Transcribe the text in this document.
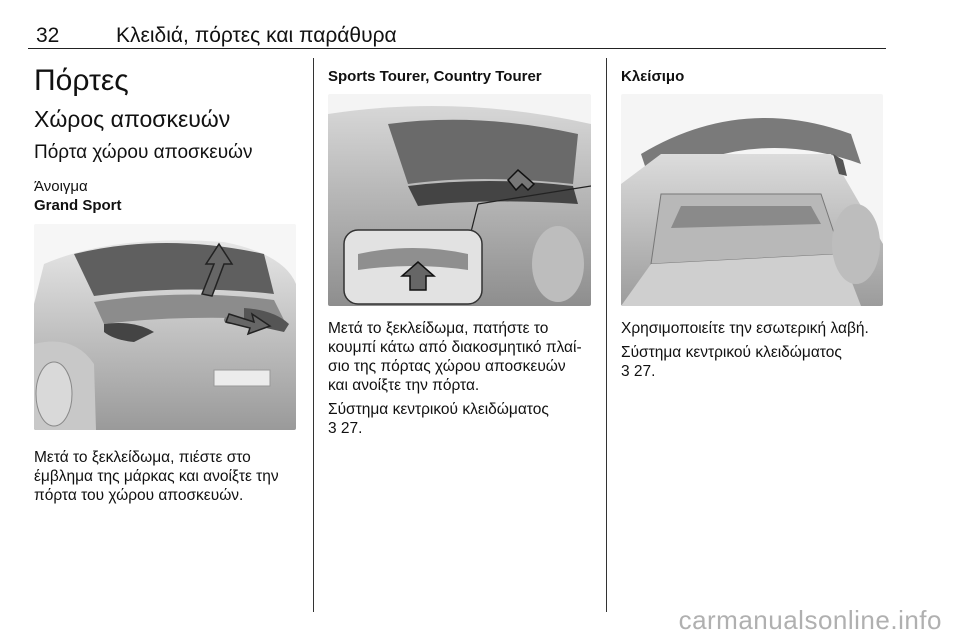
32	Κλειδιά, πόρτες και παράθυρα
Πόρτες
Χώρος αποσκευών
Πόρτα χώρου αποσκευών
Άνοιγμα
Grand Sport
Μετά το ξεκλείδωμα, πιέστε στο
έμβλημα της μάρκας και ανοίξτε την
πόρτα του χώρου αποσκευών.
Sports Tourer, Country Tourer
Μετά το ξεκλείδωμα, πατήστε το
κουμπί κάτω από διακοσμητικό πλαί-
σιο της πόρτας χώρου αποσκευών
και ανοίξτε την πόρτα.
Σύστημα κεντρικού κλειδώματος
3 27.
Κλείσιμο
Χρησιμοποιείτε την εσωτερική λαβή.
Σύστημα κεντρικού κλειδώματος
3 27.
carmanualsonline.info
